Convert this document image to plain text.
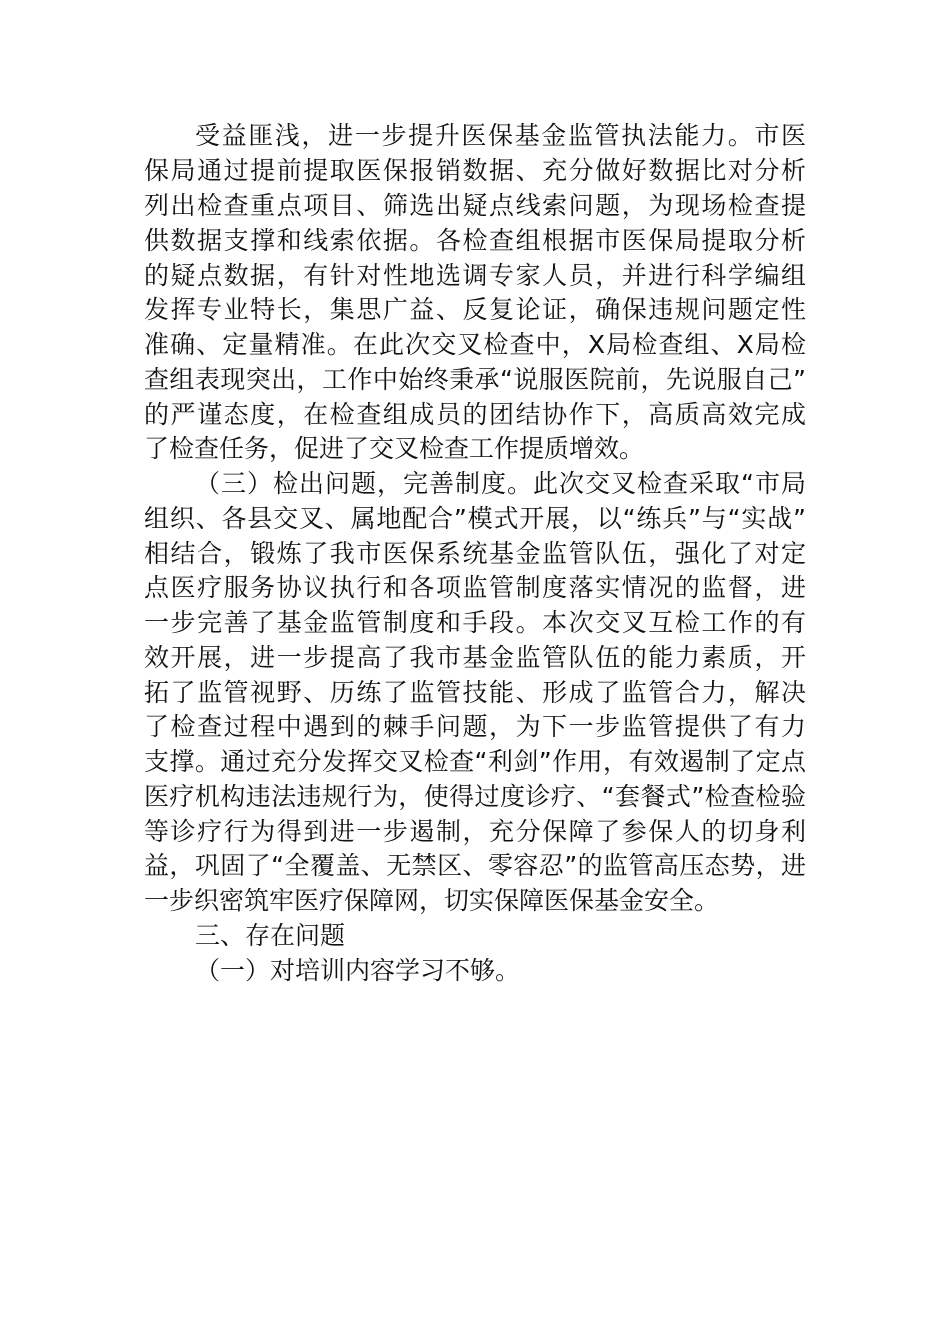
受益匪浅，进一步提升医保基金监管执法能力。市医
保局通过提前提取医保报销数据、充分做好数据比对分析
列出检查重点项目、筛选出疑点线索问题，为现场检查提
供数据支撑和线索依据。各检查组根据市医保局提取分析
的疑点数据，有针对性地选调专家人员，并进行科学编组
发挥专业特长，集思广益、反复论证，确保违规问题定性
准确、定量精准。在此次交叉检查中，X局检查组、X局检
查组表现突出，工作中始终秉承“说服医院前，先说服自己”
的严谨态度，在检查组成员的团结协作下，高质高效完成
了检查任务，促进了交叉检查工作提质增效。
（三）检出问题，完善制度。此次交叉检查采取“市局
组织、各县交叉、属地配合”模式开展，以“练兵”与“实战”
相结合，锻炼了我市医保系统基金监管队伍，强化了对定
点医疗服务协议执行和各项监管制度落实情况的监督，进
一步完善了基金监管制度和手段。本次交叉互检工作的有
效开展，进一步提高了我市基金监管队伍的能力素质，开
拓了监管视野、历练了监管技能、形成了监管合力，解决
了检查过程中遇到的棘手问题，为下一步监管提供了有力
支撑。通过充分发挥交叉检查“利剑”作用，有效遏制了定点
医疗机构违法违规行为，使得过度诊疗、“套餐式”检查检验
等诊疗行为得到进一步遏制，充分保障了参保人的切身利
益，巩固了“全覆盖、无禁区、零容忍”的监管高压态势，进
一步织密筑牢医疗保障网，切实保障医保基金安全。
三、存在问题
（一）对培训内容学习不够。
